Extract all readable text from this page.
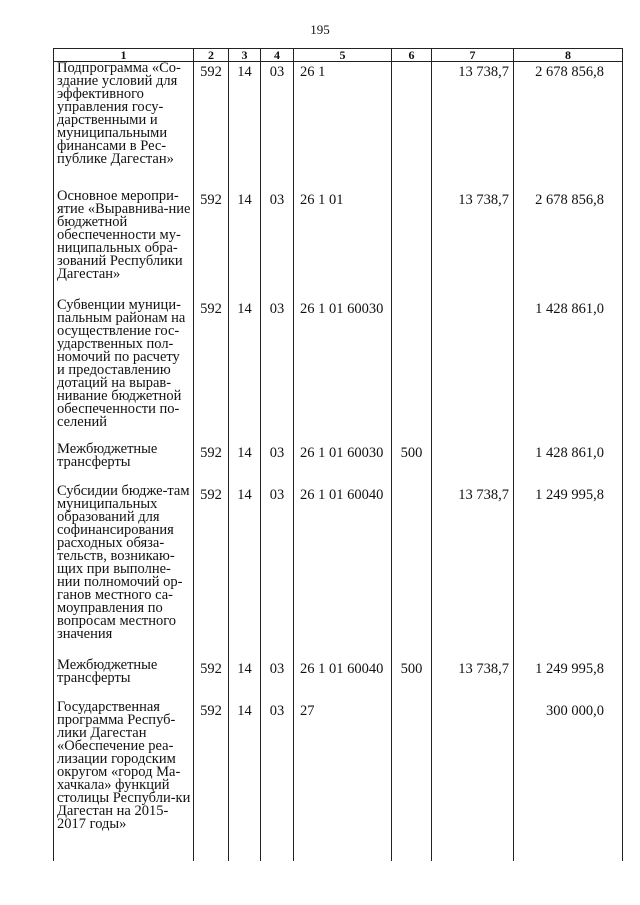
195
1	2	3	4	5	6	7	8
Подпрограмма «Со-здание условий для эффективного управления госу-дарственными и муниципальными финансами в Рес-публике Дагестан»	592	14	03	26 1		13 738,7	2 678 856,8
Основное меропри-ятие «Выравнива-ние бюджетной обеспеченности му-ниципальных обра-зований Республики Дагестан»	592	14	03	26 1 01		13 738,7	2 678 856,8
Субвенции муници-пальным районам на осуществление гос-ударственных пол-номочий по расчету и предоставлению дотаций на вырав-нивание бюджетной обеспеченности по-селений	592	14	03	26 1 01 60030			1 428 861,0
Межбюджетные трансферты	592	14	03	26 1 01 60030	500		1 428 861,0
Субсидии бюдже-там муниципальных образований для софинансирования расходных обяза-тельств, возникаю-щих при выполне-нии полномочий ор-ганов местного са-моуправления по вопросам местного значения	592	14	03	26 1 01 60040		13 738,7	1 249 995,8
Межбюджетные трансферты	592	14	03	26 1 01 60040	500	13 738,7	1 249 995,8
Государственная программа Респуб-лики Дагестан «Обеспечение реа-лизации городским округом «город Ма-хачкала» функций столицы Республи-ки Дагестан на 2015-2017 годы»	592	14	03	27			300 000,0
